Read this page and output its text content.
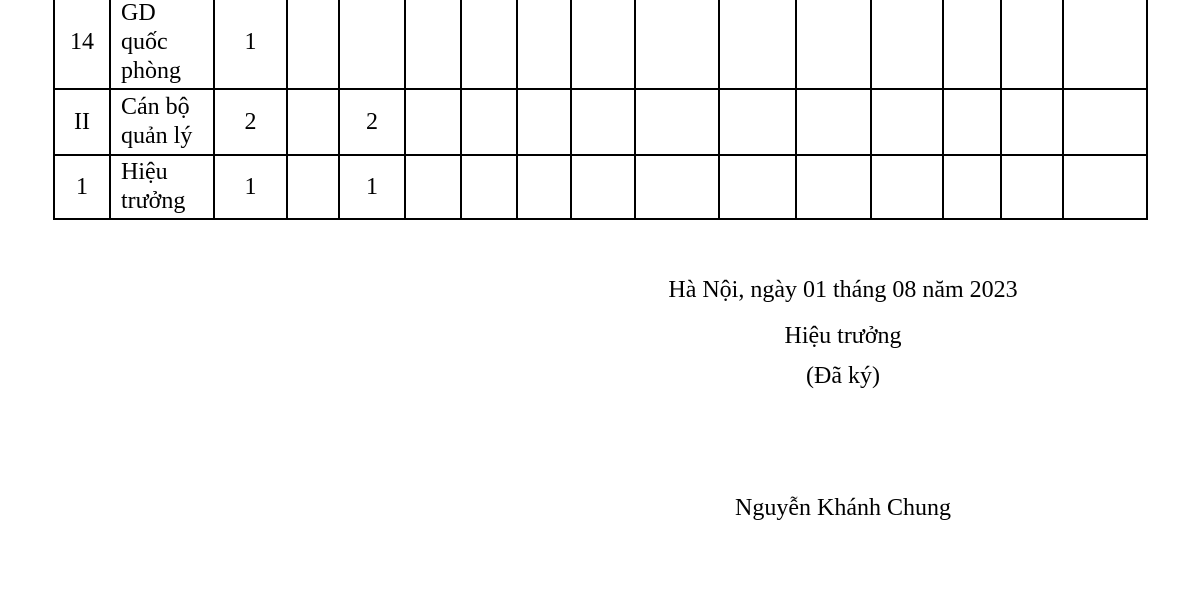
14	GD quốc phòng	1													
II	Cán bộ quản lý	2		2											
1	Hiệu trưởng	1		1											
Hà Nội, ngày 01 tháng 08 năm 2023
Hiệu trưởng
(Đã ký)
Nguyễn Khánh Chung
